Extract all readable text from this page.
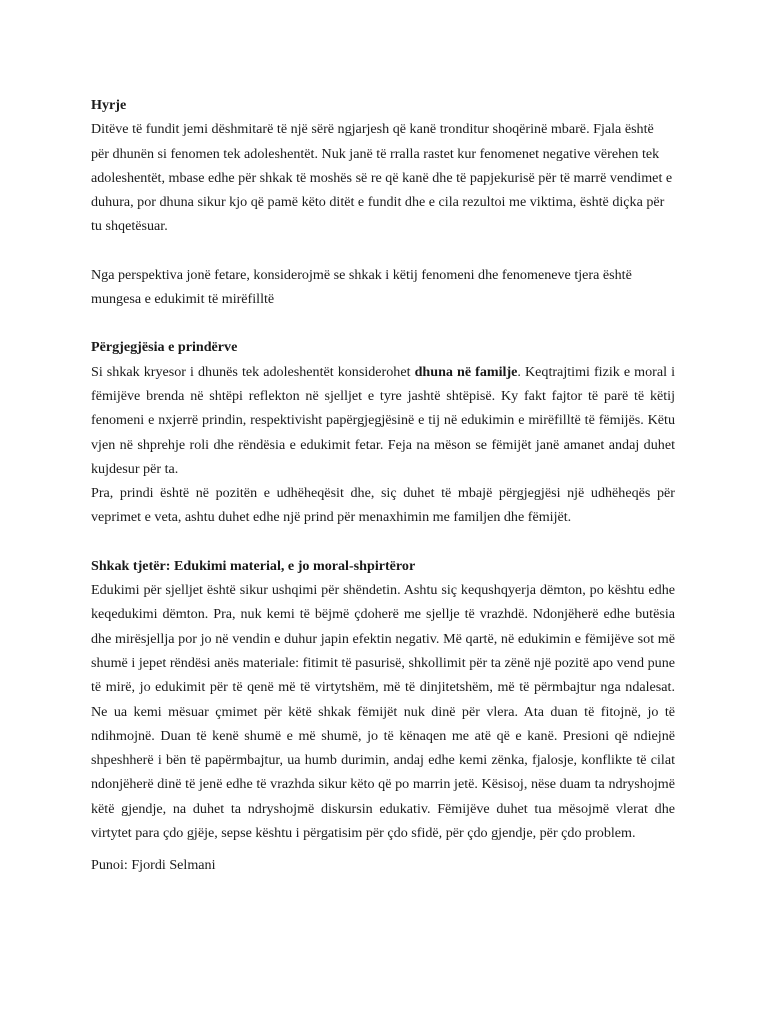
Hyrje

Ditëve të fundit jemi dëshmitarë të një sërë ngjarjesh që kanë tronditur shoqërinë mbarë. Fjala është për dhunën si fenomen tek adoleshentët. Nuk janë të rralla rastet kur fenomenet negative vërehen tek adoleshentët, mbase edhe për shkak të moshës së re që kanë dhe të papjekurisë për të marrë vendimet e duhura, por dhuna sikur kjo që pamë këto ditët e fundit dhe e cila rezultoi me viktima, është diçka për tu shqetësuar.

Nga perspektiva jonë fetare, konsiderojmë se shkak i këtij fenomeni dhe fenomeneve tjera është mungesa e edukimit të mirëfilltë

Përgjegjësia e prindërve

Si shkak kryesor i dhunës tek adoleshentët konsiderohet dhuna në familje. Keqtrajtimi fizik e moral i fëmijëve brenda në shtëpi reflekton në sjelljet e tyre jashtë shtëpisë. Ky fakt fajtor të parë të këtij fenomeni e nxjerrë prindin, respektivisht papërgjegjësinë e tij në edukimin e mirëfilltë të fëmijës. Këtu vjen në shprehje roli dhe rëndësia e edukimit fetar. Feja na mëson se fëmijët janë amanet andaj duhet kujdesur për ta.

Pra, prindi është në pozitën e udhëheqësit dhe, siç duhet të mbajë përgjegjësi një udhëheqës për veprimet e veta, ashtu duhet edhe një prind për menaxhimin me familjen dhe fëmijët.

Shkak tjetër: Edukimi material, e jo moral-shpirtëror

Edukimi për sjelljet është sikur ushqimi për shëndetin. Ashtu siç kequshqyerja dëmton, po kështu edhe keqedukimi dëmton. Pra, nuk kemi të bëjmë çdoherë me sjellje të vrazhdë. Ndonjëherë edhe butësia dhe mirësjellja por jo në vendin e duhur japin efektin negativ. Më qartë, në edukimin e fëmijëve sot më shumë i jepet rëndësi anës materiale: fitimit të pasurisë, shkollimit për ta zënë një pozitë apo vend pune të mirë, jo edukimit për të qenë më të virtytshëm, më të dinjitetshëm, më të përmbajtur nga ndalesat. Ne ua kemi mësuar çmimet për këtë shkak fëmijët nuk dinë për vlera. Ata duan të fitojnë, jo të ndihmojnë. Duan të kenë shumë e më shumë, jo të kënaqen me atë që e kanë. Presioni që ndiejnë shpeshherë i bën të papërmbajtur, ua humb durimin, andaj edhe kemi zënka, fjalosje, konflikte të cilat ndonjëherë dinë të jenë edhe të vrazhda sikur këto që po marrin jetë. Kësisoj, nëse duam ta ndryshojmë këtë gjendje, na duhet ta ndryshojmë diskursin edukativ. Fëmijëve duhet tua mësojmë vlerat dhe virtytet para çdo gjëje, sepse kështu i përgatisim për çdo sfidë, për çdo gjendje, për çdo problem.

Punoi: Fjordi Selmani
